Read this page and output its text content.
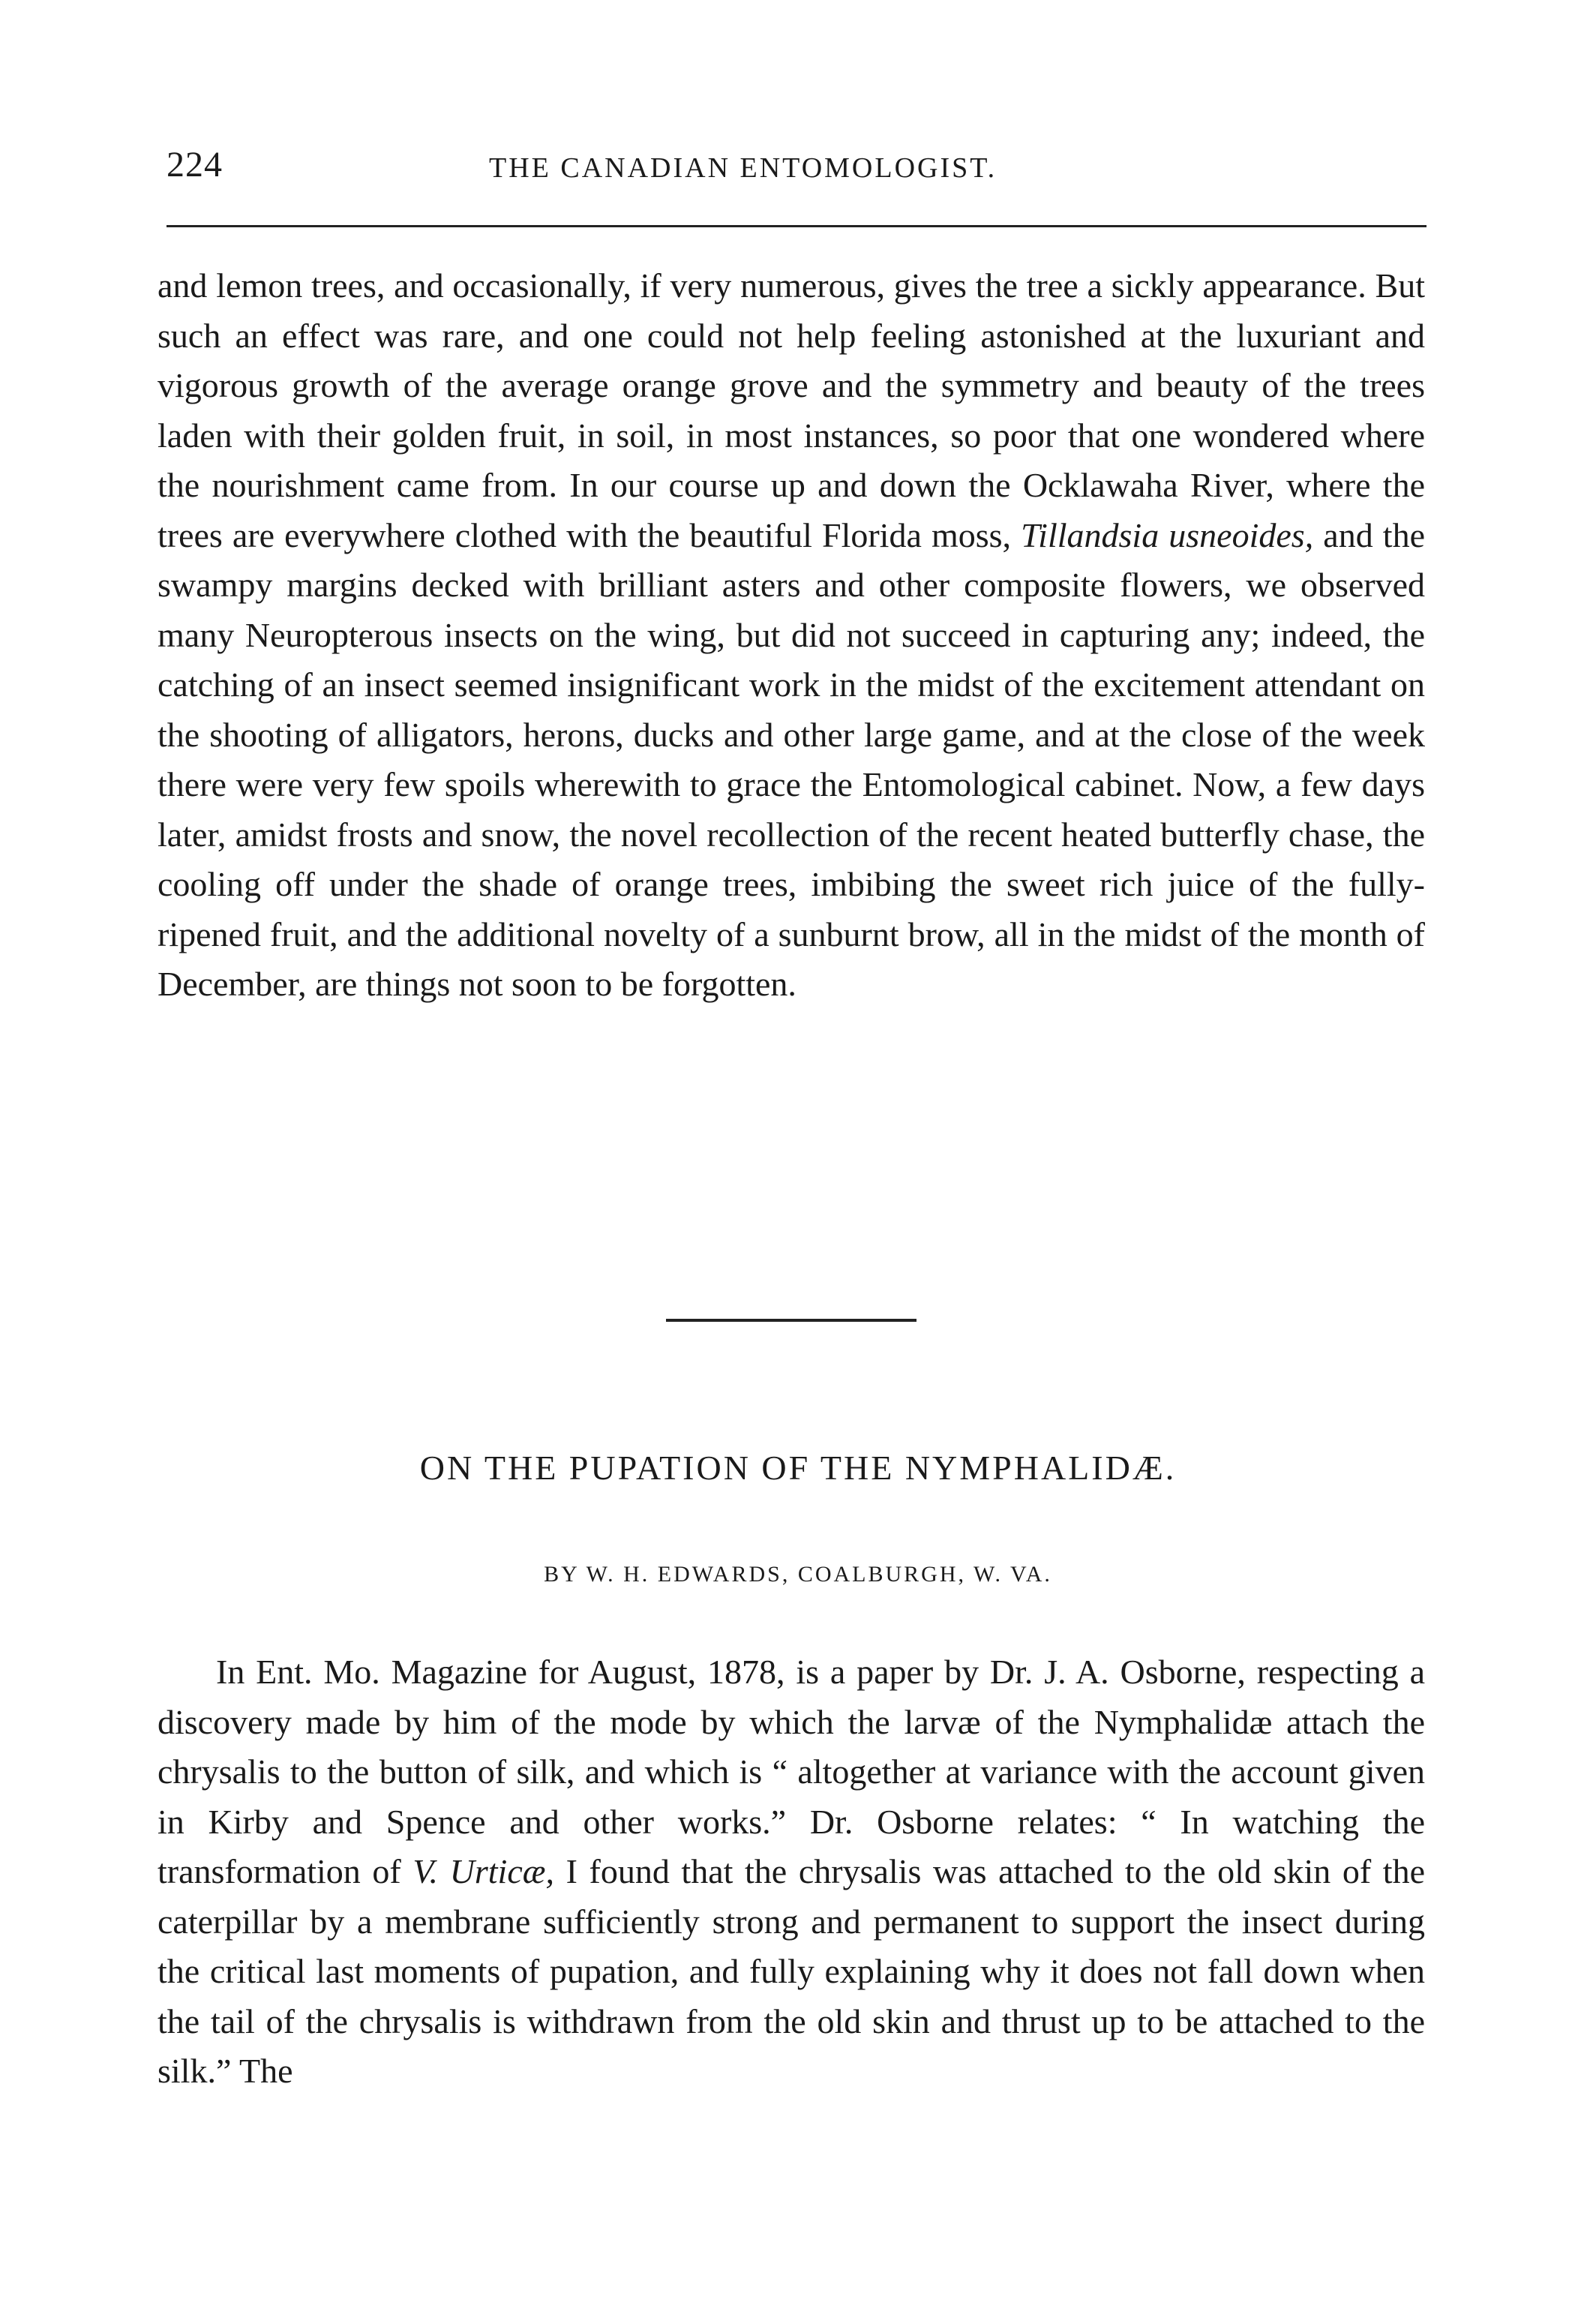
224	THE CANADIAN ENTOMOLOGIST.

and lemon trees, and occasionally, if very numerous, gives the tree a sickly appearance. But such an effect was rare, and one could not help feeling astonished at the luxuriant and vigorous growth of the average orange grove and the symmetry and beauty of the trees laden with their golden fruit, in soil, in most instances, so poor that one wondered where the nourishment came from. In our course up and down the Ocklawaha River, where the trees are everywhere clothed with the beautiful Florida moss, Tillandsia usneoides, and the swampy margins decked with brilliant asters and other composite flowers, we observed many Neuropterous insects on the wing, but did not succeed in capturing any; indeed, the catching of an insect seemed insignificant work in the midst of the excitement attendant on the shooting of alligators, herons, ducks and other large game, and at the close of the week there were very few spoils wherewith to grace the Entomological cabinet. Now, a few days later, amidst frosts and snow, the novel recollection of the recent heated butterfly chase, the cooling off under the shade of orange trees, imbibing the sweet rich juice of the fully-ripened fruit, and the additional novelty of a sunburnt brow, all in the midst of the month of December, are things not soon to be forgotten.

ON THE PUPATION OF THE NYMPHALIDÆ.
BY W. H. EDWARDS, COALBURGH, W. VA.

In Ent. Mo. Magazine for August, 1878, is a paper by Dr. J. A. Osborne, respecting a discovery made by him of the mode by which the larvæ of the Nymphalidæ attach the chrysalis to the button of silk, and which is “ altogether at variance with the account given in Kirby and Spence and other works.” Dr. Osborne relates: “ In watching the transformation of V. Urticæ, I found that the chrysalis was attached to the old skin of the caterpillar by a membrane sufficiently strong and permanent to support the insect during the critical last moments of pupation, and fully explaining why it does not fall down when the tail of the chrysalis is withdrawn from the old skin and thrust up to be attached to the silk.” The
